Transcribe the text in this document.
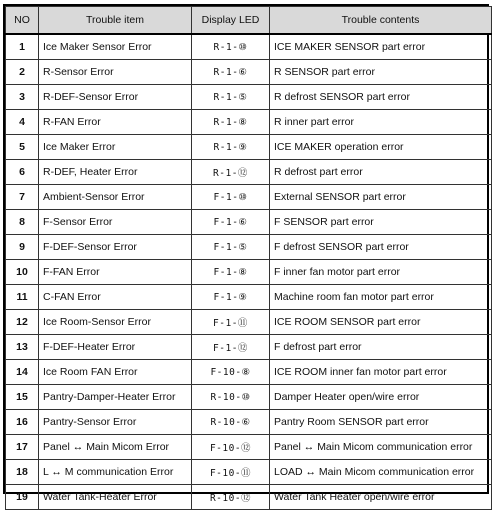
NO	Trouble item	Display LED	Trouble contents
1	Ice Maker Sensor Error	R-1-⑩	ICE MAKER SENSOR part error
2	R-Sensor Error	R-1-⑥	R SENSOR part error
3	R-DEF-Sensor Error	R-1-⑤	R defrost SENSOR part error
4	R-FAN Error	R-1-⑧	R inner part error
5	Ice Maker Error	R-1-⑨	ICE MAKER operation error
6	R-DEF, Heater Error	R-1-⑫	R defrost part error
7	Ambient-Sensor Error	F-1-⑩	External SENSOR part error
8	F-Sensor Error	F-1-⑥	F SENSOR part error
9	F-DEF-Sensor Error	F-1-⑤	F defrost SENSOR part error
10	F-FAN Error	F-1-⑧	F inner fan motor part error
11	C-FAN Error	F-1-⑨	Machine room fan motor part error
12	Ice Room-Sensor Error	F-1-⑪	ICE ROOM SENSOR part error
13	F-DEF-Heater Error	F-1-⑫	F defrost part error
14	Ice Room FAN Error	F-10-⑧	ICE ROOM inner fan motor part error
15	Pantry-Damper-Heater Error	R-10-⑩	Damper Heater open/wire error
16	Pantry-Sensor Error	R-10-⑥	Pantry Room SENSOR part error
17	Panel ↔ Main Micom Error	F-10-⑫	Panel ↔ Main Micom communication error
18	L ↔ M communication Error	F-10-⑪	LOAD ↔ Main Micom communication error
19	Water Tank-Heater Error	R-10-⑫	Water Tank Heater open/wire error
